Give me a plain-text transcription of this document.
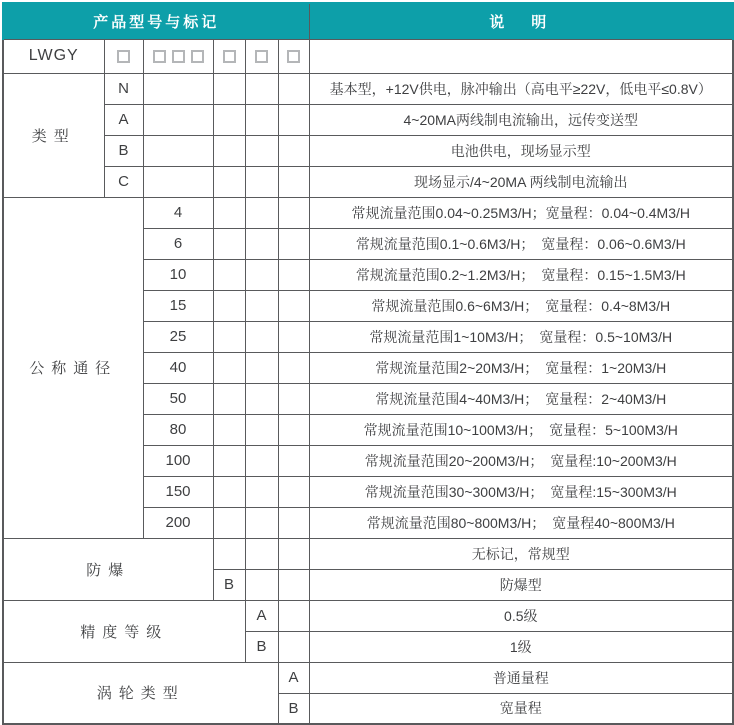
产品型号与标记						说　明
LWGY						
类型	N					基本型，+12V供电，脉冲输出（高电平≥22V，低电平≤0.8V）
	A					4~20MA两线制电流输出，远传变送型
	B					电池供电，现场显示型
	C					现场显示/4~20MA 两线制电流输出
公称通径		4				常规流量范围0.04~0.25M3/H；宽量程：0.04~0.4M3/H
		6				常规流量范围0.1~0.6M3/H；　宽量程：0.06~0.6M3/H
		10				常规流量范围0.2~1.2M3/H；　宽量程：0.15~1.5M3/H
		15				常规流量范围0.6~6M3/H；　宽量程：0.4~8M3/H
		25				常规流量范围1~10M3/H；　宽量程：0.5~10M3/H
		40				常规流量范围2~20M3/H；　宽量程：1~20M3/H
		50				常规流量范围4~40M3/H；　宽量程：2~40M3/H
		80				常规流量范围10~100M3/H；　宽量程：5~100M3/H
		100				常规流量范围20~200M3/H；　宽量程:10~200M3/H
		150				常规流量范围30~300M3/H；　宽量程:15~300M3/H
		200				常规流量范围80~800M3/H；　宽量程40~800M3/H
防爆						无标记，常规型
			B			防爆型
精度等级				A		0.5级
				B		1级
涡轮类型					A	普通量程
					B	宽量程
